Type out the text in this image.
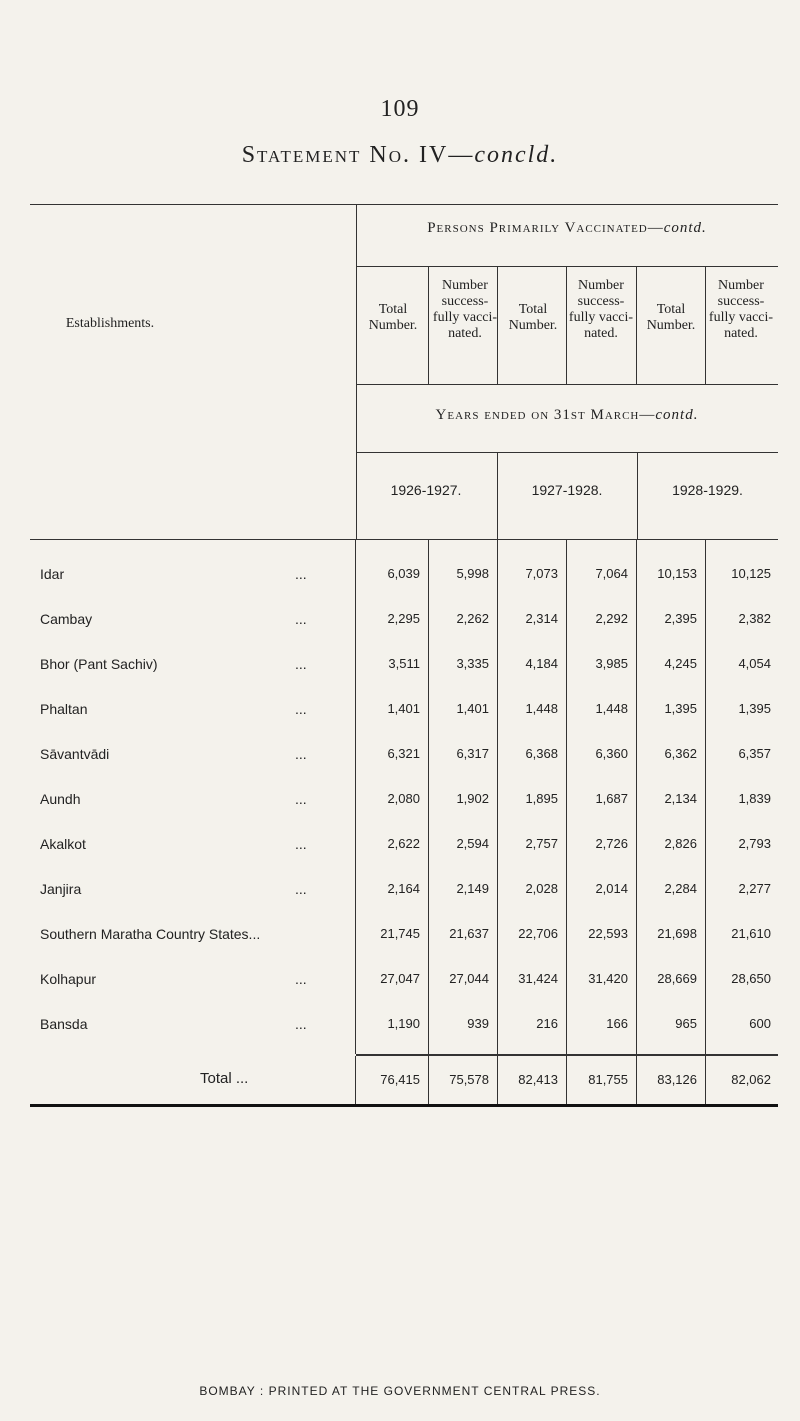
109
Statement No. IV—concld.
Persons Primarily Vaccinated—contd.
Establishments.
Total Number.
Number success-fully vacci-nated.
Total Number.
Number success-fully vacci-nated.
Total Number.
Number success-fully vacci-nated.
Years ended on 31st March—contd.
1926-1927.	1927-1928.	1928-1929.
Idar	...	6,039	5,998	7,073	7,064	10,153	10,125
Cambay	...	2,295	2,262	2,314	2,292	2,395	2,382
Bhor (Pant Sachiv)	...	3,511	3,335	4,184	3,985	4,245	4,054
Phaltan	...	1,401	1,401	1,448	1,448	1,395	1,395
Sāvantvādi	...	6,321	6,317	6,368	6,360	6,362	6,357
Aundh	...	2,080	1,902	1,895	1,687	2,134	1,839
Akalkot	...	2,622	2,594	2,757	2,726	2,826	2,793
Janjira	...	2,164	2,149	2,028	2,014	2,284	2,277
Southern Maratha Country States...	21,745	21,637	22,706	22,593	21,698	21,610
Kolhapur	...	27,047	27,044	31,424	31,420	28,669	28,650
Bansda	...	1,190	939	216	166	965	600
Total ...	76,415	75,578	82,413	81,755	83,126	82,062
BOMBAY : PRINTED AT THE GOVERNMENT CENTRAL PRESS.
